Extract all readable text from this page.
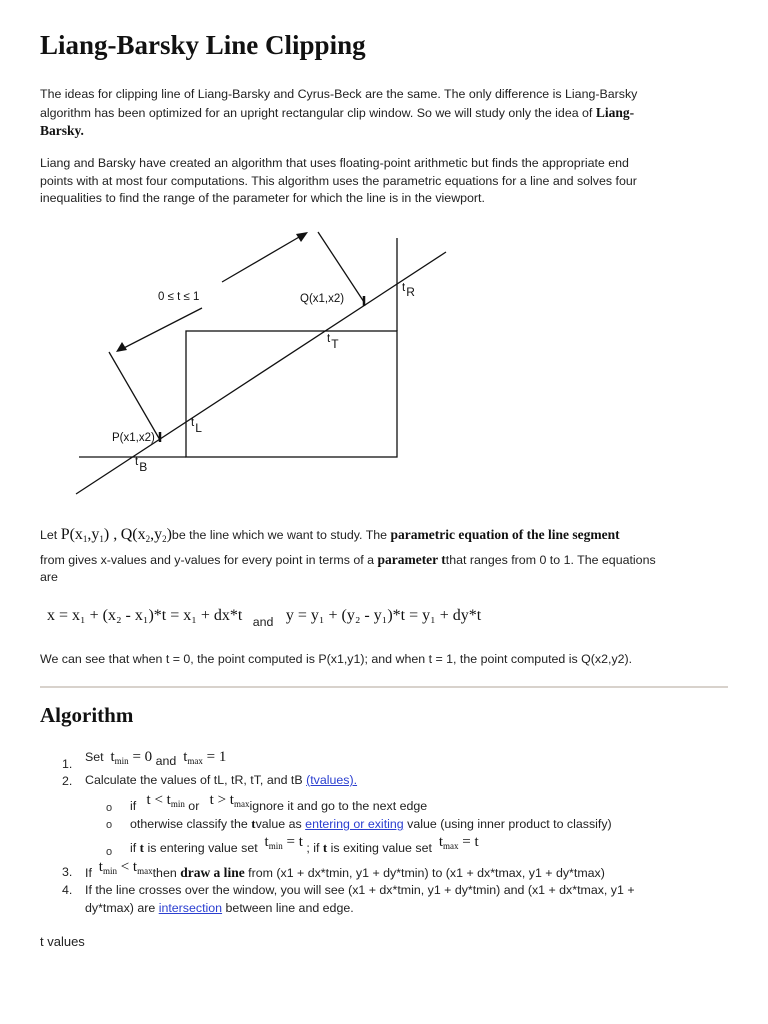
Liang-Barsky Line Clipping
The ideas for clipping line of Liang-Barsky and Cyrus-Beck are the same. The only difference is Liang-Barsky
algorithm has been optimized for an upright rectangular clip window. So we will study only the idea of Liang-
Barsky.
Liang and Barsky have created an algorithm that uses floating-point arithmetic but finds the appropriate end
points with at most four computations. This algorithm uses the parametric equations for a line and solves four
inequalities to find the range of the parameter for which the line is in the viewport.
0 ≤ t ≤ 1	Q(x1,x2)
P(x1,x2)
tR
tT
tL
tB
Let $P(x_1,y_1)$ , $Q(x_2,y_2)be$ the line which we want to study. The parametric equation of the line segment
from gives x-values and y-values for every point in terms of a parameter tthat ranges from 0 to 1. The equations
are
x = x₁ + (x₂ - x₁)*t = x₁ + dx*t $_{and}$ y = y₁ + (y₂ - y₁)*t = y₁ + dy*t
We can see that when t = 0, the point computed is P(x1,y1); and when t = 1, the point computed is Q(x2,y2).
Algorithm
1. Set $t_{min} = 0$ and $t_{max} = 1$
2. Calculate the values of tL, tR, tT, and tB (tvalues).
o if $t < t_{min}$ or $t > t_{max}ignore$ it and go to the next edge
o otherwise classify the tvalue as entering or exiting value (using inner product to classify)
o if t is entering value set $t_{min} = t$ ; if t is exiting value set $t_{max} = t$
3. If $t_{min}$ < $t_{max}then$ draw a line from (x1 + dx*tmin, y1 + dy*tmin) to (x1 + dx*tmax, y1 + dy*tmax)
4. If the line crosses over the window, you will see (x1 + dx*tmin, y1 + dy*tmin) and (x1 + dx*tmax, y1 +
dy*tmax) are intersection between line and edge.
t values
